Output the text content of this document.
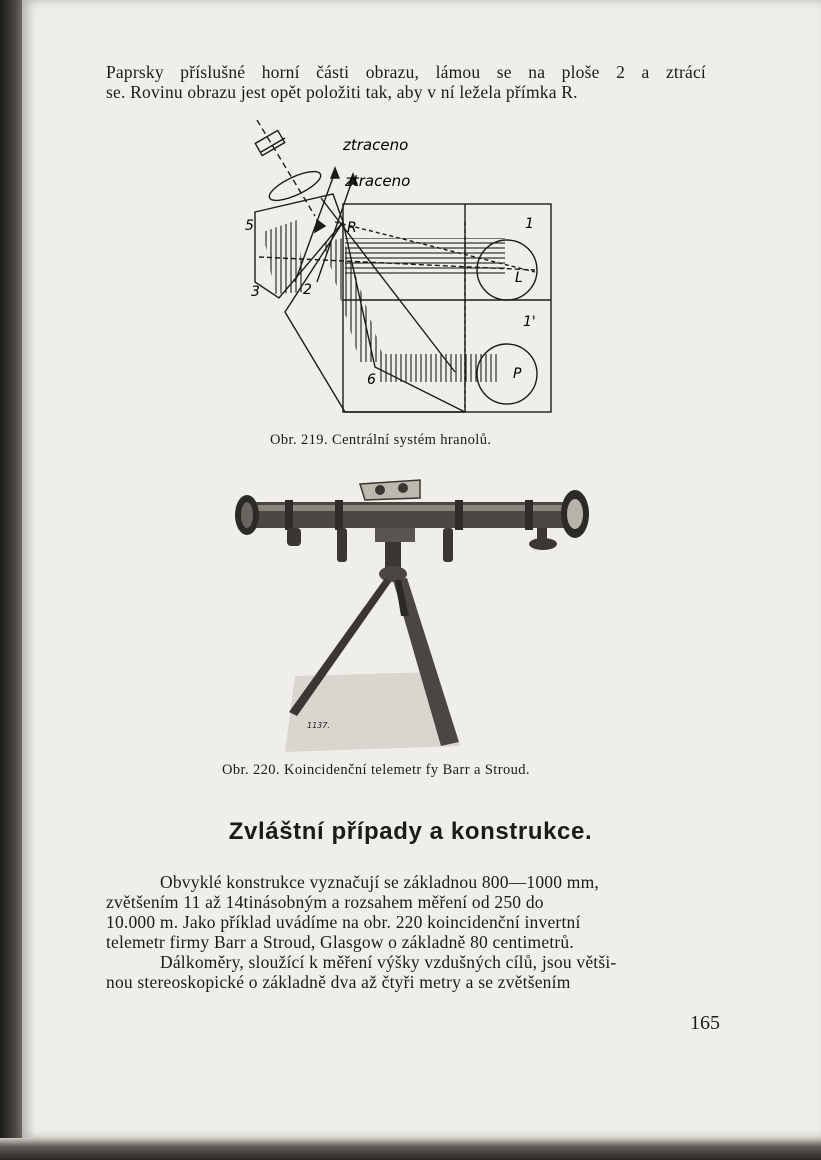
Paprsky příslušné horní části obrazu, lámou se na ploše 2 a ztrácí
se. Rovinu obrazu jest opět položiti tak, aby v ní ležela přímka R.
ztraceno
ztraceno
5
3	2
R	1
L
1'
P
6
Obr. 219. Centrální systém hranolů.
1137.
Obr. 220. Koincidenční telemetr fy Barr a Stroud.
Zvláštní případy a konstrukce.
Obvyklé konstrukce vyznačují se základnou 800—1000 mm,
zvětšením 11 až 14tinásobným a rozsahem měření od 250 do
10.000 m. Jako příklad uvádíme na obr. 220 koincidenční invertní
telemetr firmy Barr a Stroud, Glasgow o základně 80 centimetrů.
Dálkoměry, sloužící k měření výšky vzdušných cílů, jsou větši-
nou stereoskopické o základně dva až čtyři metry a se zvětšením
165
